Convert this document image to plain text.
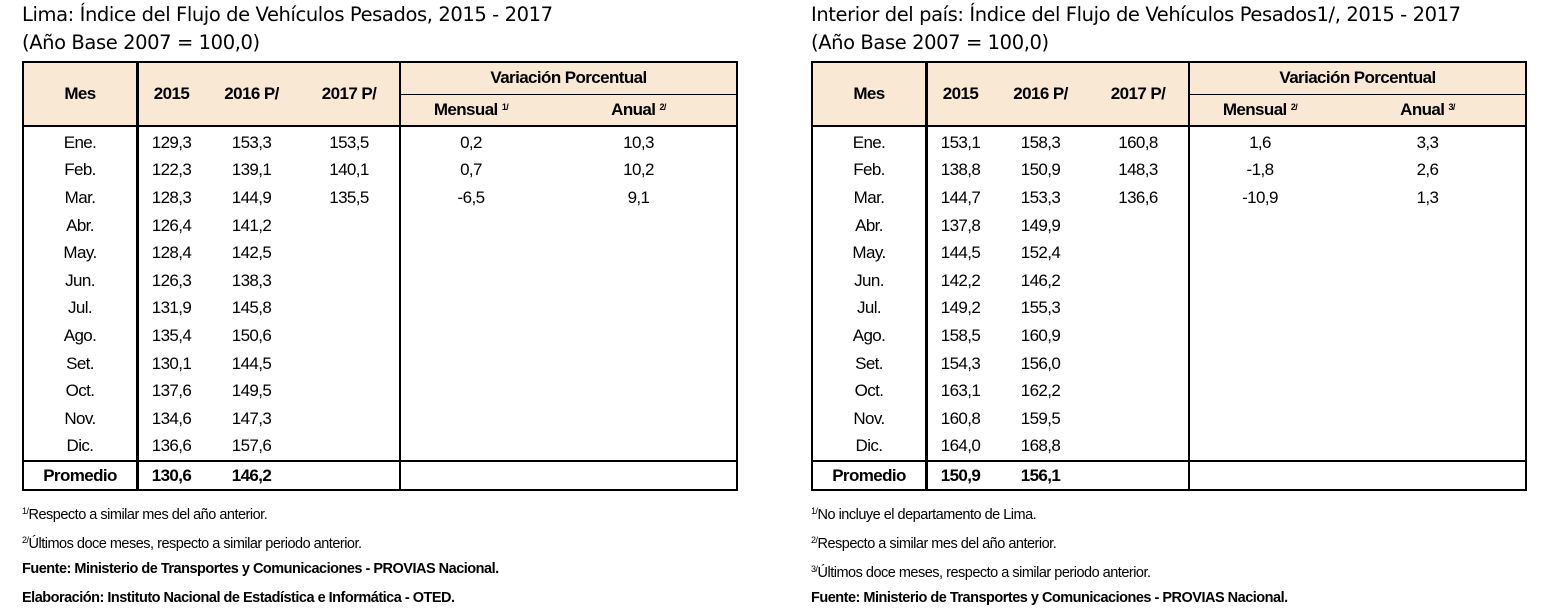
Lima: Índice del Flujo de Vehículos Pesados, 2015 - 2017
(Año Base 2007 = 100,0)
Mes	2015	2016 P/	2017 P/	Variación Porcentual	
				Mensual $^{1/}$	Anual $^{2/}$
Ene.	129,3	153,3	153,5	0,2	10,3
Feb.	122,3	139,1	140,1	0,7	10,2
Mar.	128,3	144,9	135,5	-6,5	9,1
Abr.	126,4	141,2			
May.	128,4	142,5			
Jun.	126,3	138,3			
Jul.	131,9	145,8			
Ago.	135,4	150,6			
Set.	130,1	144,5			
Oct.	137,6	149,5			
Nov.	134,6	147,3			
Dic.	136,6	157,6			
Promedio	130,6	146,2			
$^{1/}$Respecto a similar mes del año anterior.
$^{2/}$Últimos doce meses, respecto a similar periodo anterior.
Fuente: Ministerio de Transportes y Comunicaciones - PROVIAS Nacional.
Elaboración: Instituto Nacional de Estadística e Informática - OTED.
Interior del país: Índice del Flujo de Vehículos Pesados1/, 2015 - 2017
(Año Base 2007 = 100,0)
Mes	2015	2016 P/	2017 P/	Variación Porcentual	
				Mensual $^{2/}$	Anual $^{3/}$
Ene.	153,1	158,3	160,8	1,6	3,3
Feb.	138,8	150,9	148,3	-1,8	2,6
Mar.	144,7	153,3	136,6	-10,9	1,3
Abr.	137,8	149,9			
May.	144,5	152,4			
Jun.	142,2	146,2			
Jul.	149,2	155,3			
Ago.	158,5	160,9			
Set.	154,3	156,0			
Oct.	163,1	162,2			
Nov.	160,8	159,5			
Dic.	164,0	168,8			
Promedio	150,9	156,1			
$^{1/}$No incluye el departamento de Lima.
$^{2/}$Respecto a similar mes del año anterior.
$^{3/}$Últimos doce meses, respecto a similar periodo anterior.
Fuente: Ministerio de Transportes y Comunicaciones - PROVIAS Nacional.
